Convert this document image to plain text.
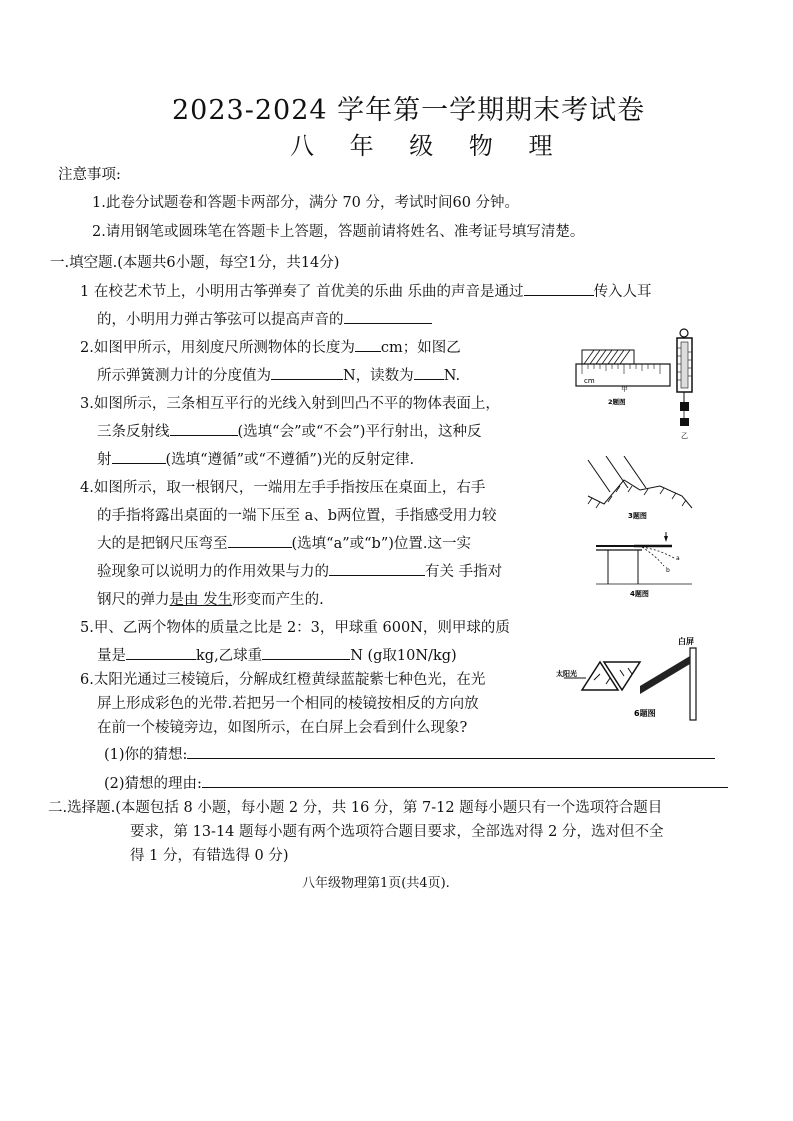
2023-2024 学年第一学期期末考试卷
八 年 级 物 理
注意事项:
1.此卷分试题卷和答题卡两部分，满分 70 分，考试时间60 分钟。
2.请用钢笔或圆珠笔在答题卡上答题，答题前请将姓名、准考证号填写清楚。
一.填空题.(本题共6小题，每空1分，共14分)
1 在校艺术节上，小明用古筝弹奏了 首优美的乐曲 乐曲的声音是通过	传入人耳
的，小明用力弹古筝弦可以提高声音的
2.如图甲所示，用刻度尺所测物体的长度为 cm；如图乙
所示弹簧测力计的分度值为	N，读数为 N.
3.如图所示，三条相互平行的光线入射到凹凸不平的物体表面上，
三条反射线	(选填“会”或“不会”)平行射出，这种反
射	(选填“遵循”或“不遵循”)光的反射定律.
4.如图所示，取一根钢尺，一端用左手手指按压在桌面上，右手
的手指将露出桌面的一端下压至 a、b两位置，手指感受用力较
大的是把钢尺压弯至	(选填“a”或“b”)位置.这一实
验现象可以说明力的作用效果与力的	有关 手指对
钢尺的弹力是由 发生形变而产生的.
5.甲、乙两个物体的质量之比是 2：3，甲球重 600N，则甲球的质
量是	kg,乙球重	N (g取10N/kg)
6.太阳光通过三棱镜后，分解成红橙黄绿蓝靛紫七种色光，在光
屏上形成彩色的光带.若把另一个相同的棱镜按相反的方向放
在前一个棱镜旁边，如图所示，在白屏上会看到什么现象?
(1)你的猜想:
(2)猜想的理由:
二.选择题.(本题包括 8 小题，每小题 2 分，共 16 分，第 7-12 题每小题只有一个选项符合题目
要求，第 13-14 题每小题有两个选项符合题目要求，全部选对得 2 分，选对但不全
得 1 分，有错选得 0 分)
八年级物理第1页(共4页).
cm
甲
2题图
乙
3题图
a
b
4题图
白屏
太阳光
6题图
